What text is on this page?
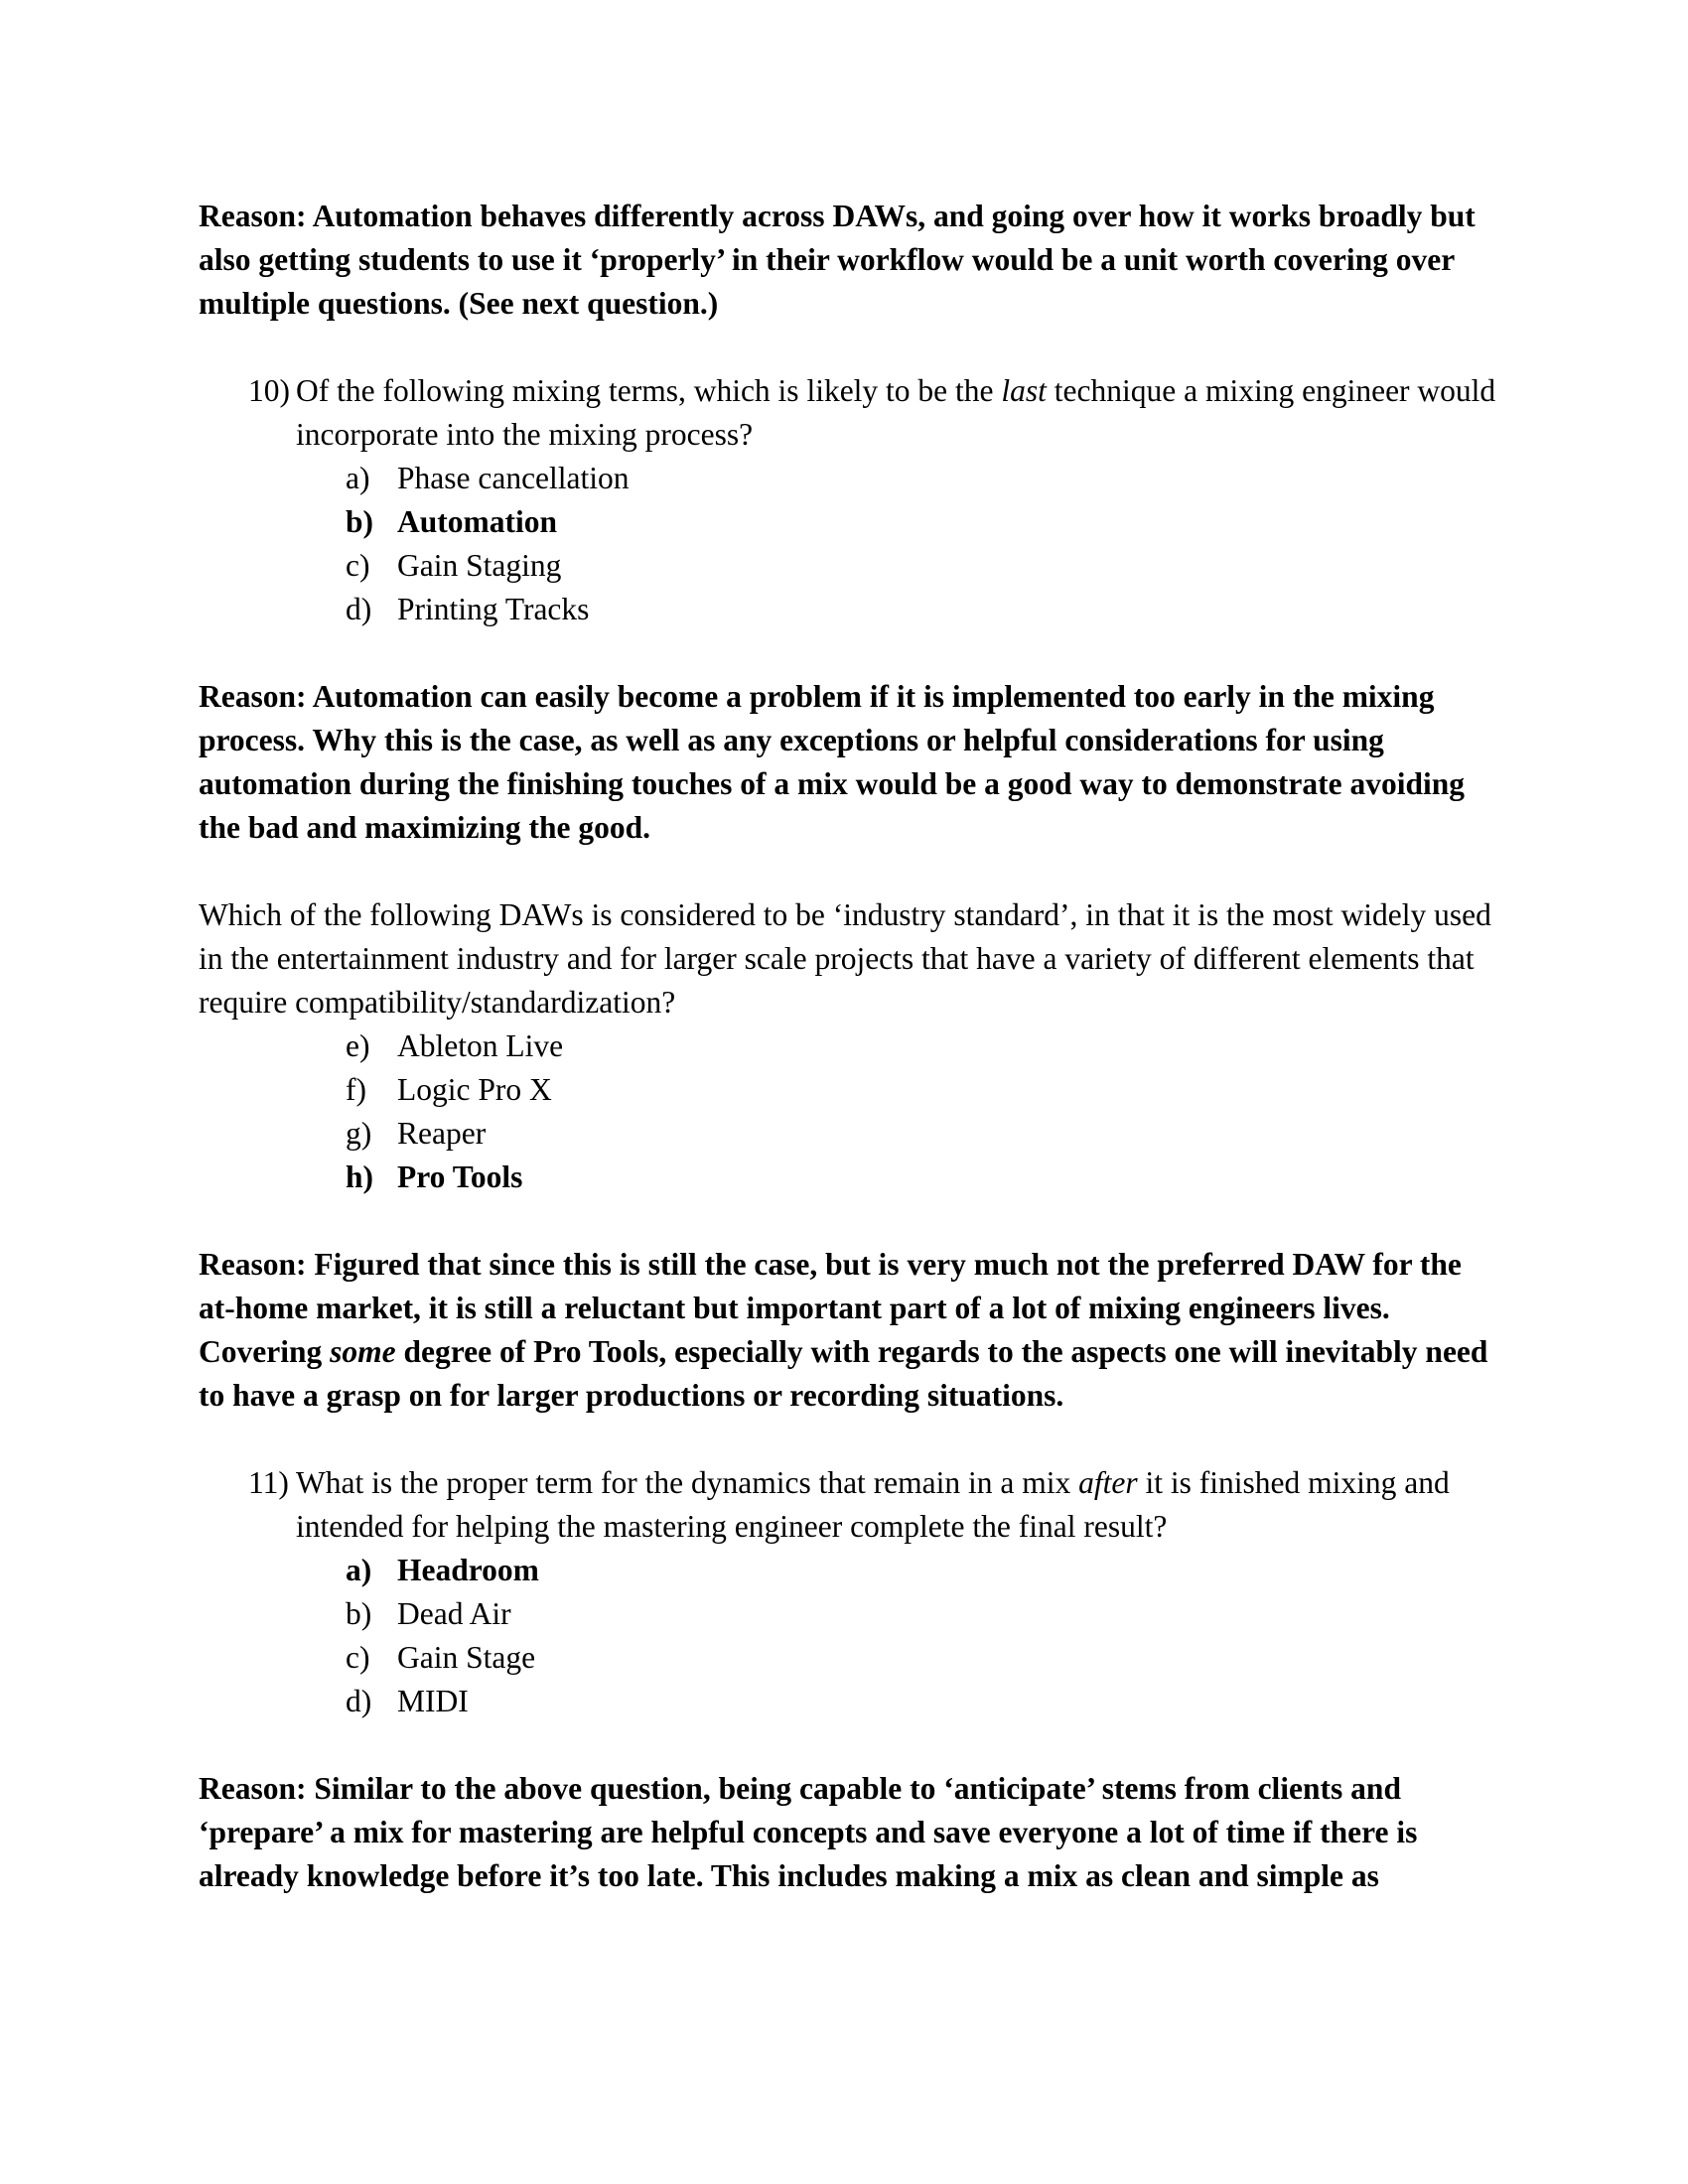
Reason: Automation behaves differently across DAWs, and going over how it works broadly but also getting students to use it ‘properly’ in their workflow would be a unit worth covering over multiple questions. (See next question.)

10) Of the following mixing terms, which is likely to be the last technique a mixing engineer would incorporate into the mixing process?

a) Phase cancellation
b) Automation
c) Gain Staging
d) Printing Tracks

Reason: Automation can easily become a problem if it is implemented too early in the mixing process. Why this is the case, as well as any exceptions or helpful considerations for using automation during the finishing touches of a mix would be a good way to demonstrate avoiding the bad and maximizing the good.

Which of the following DAWs is considered to be ‘industry standard’, in that it is the most widely used in the entertainment industry and for larger scale projects that have a variety of different elements that require compatibility/standardization?

e) Ableton Live
f) Logic Pro X
g) Reaper
h) Pro Tools

Reason: Figured that since this is still the case, but is very much not the preferred DAW for the at-home market, it is still a reluctant but important part of a lot of mixing engineers lives. Covering some degree of Pro Tools, especially with regards to the aspects one will inevitably need to have a grasp on for larger productions or recording situations.

11) What is the proper term for the dynamics that remain in a mix after it is finished mixing and intended for helping the mastering engineer complete the final result?

a) Headroom
b) Dead Air
c) Gain Stage
d) MIDI

Reason: Similar to the above question, being capable to ‘anticipate’ stems from clients and ‘prepare’ a mix for mastering are helpful concepts and save everyone a lot of time if there is already knowledge before it’s too late. This includes making a mix as clean and simple as
